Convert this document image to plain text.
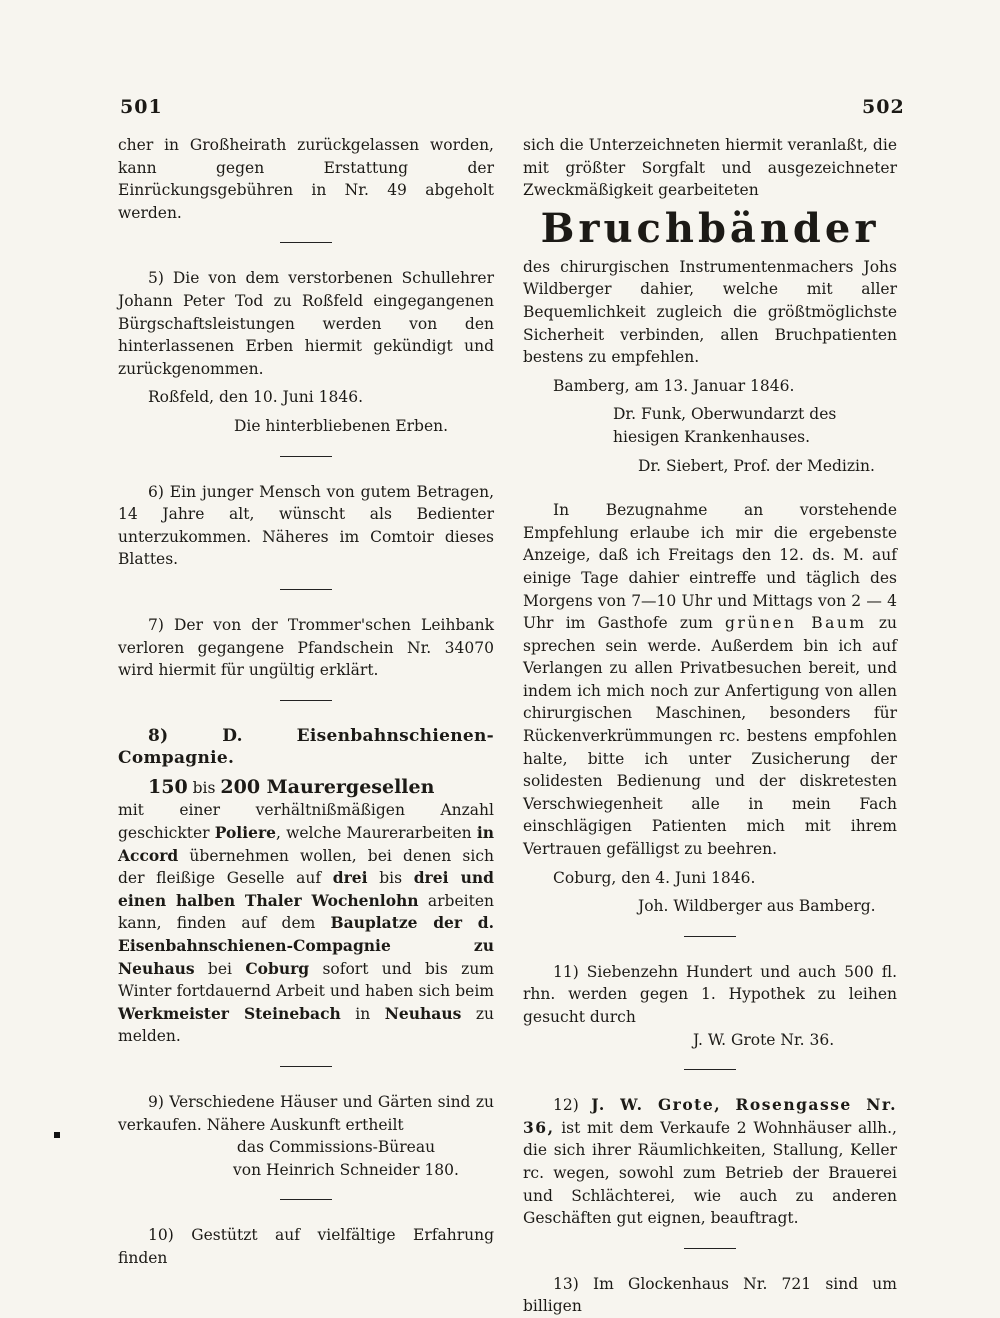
501	502

cher in Großheirath zurückgelassen worden, kann gegen Erstattung der Einrückungsgebühren in Nr. 49 abgeholt werden.

5) Die von dem verstorbenen Schullehrer Johann Peter Tod zu Roßfeld eingegangenen Bürgschaftsleistungen werden von den hinterlassenen Erben hiermit gekündigt und zurückgenommen.

Roßfeld, den 10. Juni 1846.

Die hinterbliebenen Erben.

6) Ein junger Mensch von gutem Betragen, 14 Jahre alt, wünscht als Bedienter unterzukommen. Näheres im Comtoir dieses Blattes.

7) Der von der Trommer'schen Leihbank verloren gegangene Pfandschein Nr. 34070 wird hiermit für ungültig erklärt.

8) D. Eisenbahnschienen-Compagnie.

150 bis 200 Maurergesellen

mit einer verhältnißmäßigen Anzahl geschickter Poliere, welche Maurerarbeiten in Accord übernehmen wollen, bei denen sich der fleißige Geselle auf drei bis drei und einen halben Thaler Wochenlohn arbeiten kann, finden auf dem Bauplatze der d. Eisenbahnschienen-Compagnie zu Neuhaus bei Coburg sofort und bis zum Winter fortdauernd Arbeit und haben sich beim Werkmeister Steinebach in Neuhaus zu melden.

9) Verschiedene Häuser und Gärten sind zu verkaufen. Nähere Auskunft ertheilt

das Commissions-Büreau

von Heinrich Schneider 180.

10) Gestützt auf vielfältige Erfahrung finden

sich die Unterzeichneten hiermit veranlaßt, die mit größter Sorgfalt und ausgezeichneter Zweckmäßigkeit gearbeiteten

Bruchbänder

des chirurgischen Instrumentenmachers Johs Wildberger dahier, welche mit aller Bequemlichkeit zugleich die größtmöglichste Sicherheit verbinden, allen Bruchpatienten bestens zu empfehlen.

Bamberg, am 13. Januar 1846.

Dr. Funk, Oberwundarzt des hiesigen Krankenhauses.

Dr. Siebert, Prof. der Medizin.

In Bezugnahme an vorstehende Empfehlung erlaube ich mir die ergebenste Anzeige, daß ich Freitags den 12. ds. M. auf einige Tage dahier eintreffe und täglich des Morgens von 7—10 Uhr und Mittags von 2 — 4 Uhr im Gasthofe zum grünen Baum zu sprechen sein werde. Außerdem bin ich auf Verlangen zu allen Privatbesuchen bereit, und indem ich mich noch zur Anfertigung von allen chirurgischen Maschinen, besonders für Rückenverkrümmungen rc. bestens empfohlen halte, bitte ich unter Zusicherung der solidesten Bedienung und der diskretesten Verschwiegenheit alle in mein Fach einschlägigen Patienten mich mit ihrem Vertrauen gefälligst zu beehren.

Coburg, den 4. Juni 1846.

Joh. Wildberger aus Bamberg.

11) Siebenzehn Hundert und auch 500 fl. rhn. werden gegen 1. Hypothek zu leihen gesucht durch

J. W. Grote Nr. 36.

12) J. W. Grote, Rosengasse Nr. 36, ist mit dem Verkaufe 2 Wohnhäuser allh., die sich ihrer Räumlichkeiten, Stallung, Keller rc. wegen, sowohl zum Betrieb der Brauerei und Schlächterei, wie auch zu anderen Geschäften gut eignen, beauftragt.

13) Im Glockenhaus Nr. 721 sind um billigen
